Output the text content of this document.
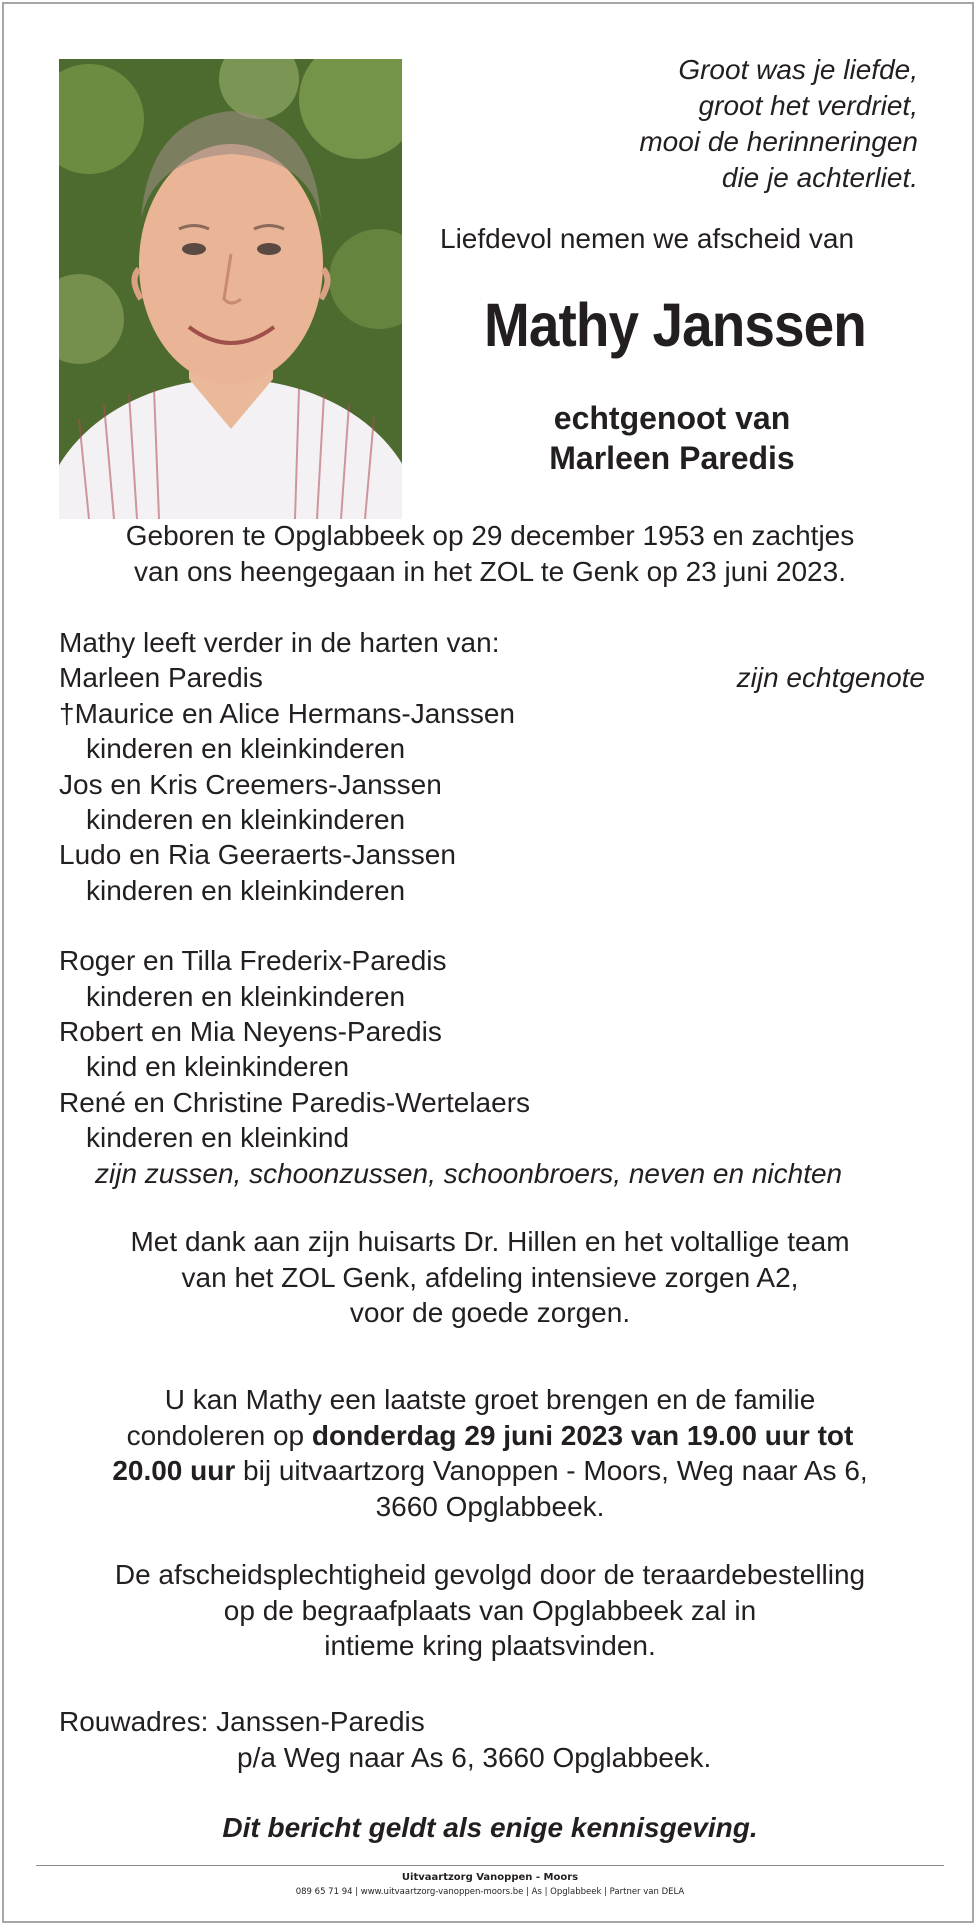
Groot was je liefde,
groot het verdriet,
mooi de herinneringen
die je achterliet.
Liefdevol nemen we afscheid van
Mathy Janssen
echtgenoot van
Marleen Paredis
Geboren te Opglabbeek op 29 december 1953 en zachtjes
van ons heengegaan in het ZOL te Genk op 23 juni 2023.
Mathy leeft verder in de harten van:
Marleen Paredis	zijn echtgenote
†Maurice en Alice Hermans-Janssen
kinderen en kleinkinderen
Jos en Kris Creemers-Janssen
kinderen en kleinkinderen
Ludo en Ria Geeraerts-Janssen
kinderen en kleinkinderen
Roger en Tilla Frederix-Paredis
kinderen en kleinkinderen
Robert en Mia Neyens-Paredis
kind en kleinkinderen
René en Christine Paredis-Wertelaers
kinderen en kleinkind
zijn zussen, schoonzussen, schoonbroers, neven en nichten
Met dank aan zijn huisarts Dr. Hillen en het voltallige team
van het ZOL Genk, afdeling intensieve zorgen A2,
voor de goede zorgen.
U kan Mathy een laatste groet brengen en de familie
condoleren op donderdag 29 juni 2023 van 19.00 uur tot
20.00 uur bij uitvaartzorg Vanoppen - Moors, Weg naar As 6,
3660 Opglabbeek.
De afscheidsplechtigheid gevolgd door de teraardebestelling
op de begraafplaats van Opglabbeek zal in
intieme kring plaatsvinden.
Rouwadres: Janssen-Paredis
p/a Weg naar As 6, 3660 Opglabbeek.
Dit bericht geldt als enige kennisgeving.
Uitvaartzorg Vanoppen - Moors
089 65 71 94 | www.uitvaartzorg-vanoppen-moors.be | As | Opglabbeek | Partner van DELA
